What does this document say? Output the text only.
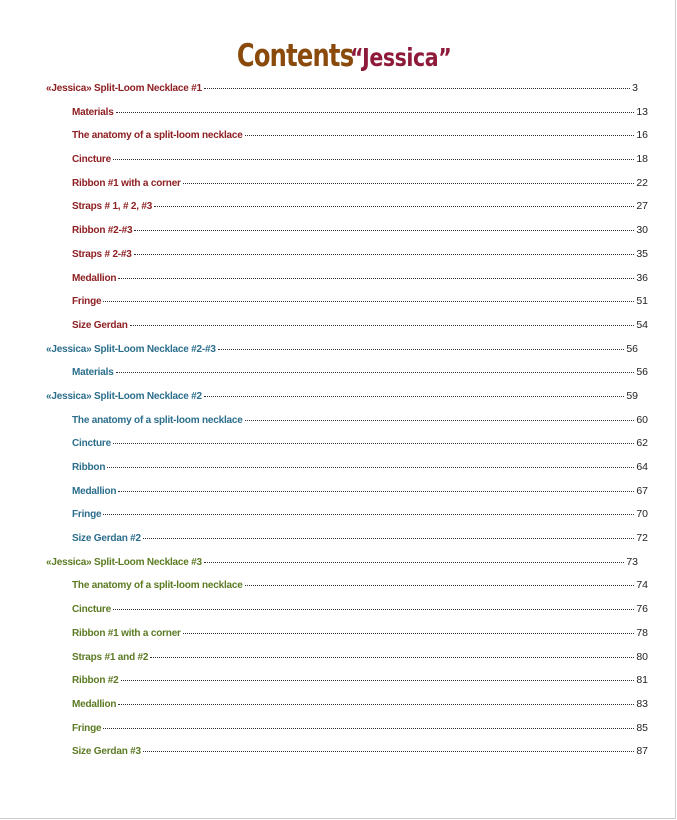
Contents “Jessica”
«Jessica» Split-Loom Necklace #1	3
Materials	13
The anatomy of a split-loom necklace	16
Cincture	18
Ribbon #1 with a corner	22
Straps # 1, # 2, #3	27
Ribbon #2-#3	30
Straps # 2-#3	35
Medallion	36
Fringe	51
Size Gerdan	54
«Jessica» Split-Loom Necklace #2-#3	56
Materials	56
«Jessica» Split-Loom Necklace #2	59
The anatomy of a split-loom necklace	60
Cincture	62
Ribbon	64
Medallion	67
Fringe	70
Size Gerdan #2	72
«Jessica» Split-Loom Necklace #3	73
The anatomy of a split-loom necklace	74
Cincture	76
Ribbon #1 with a corner	78
Straps #1 and #2	80
Ribbon #2	81
Medallion	83
Fringe	85
Size Gerdan #3	87
